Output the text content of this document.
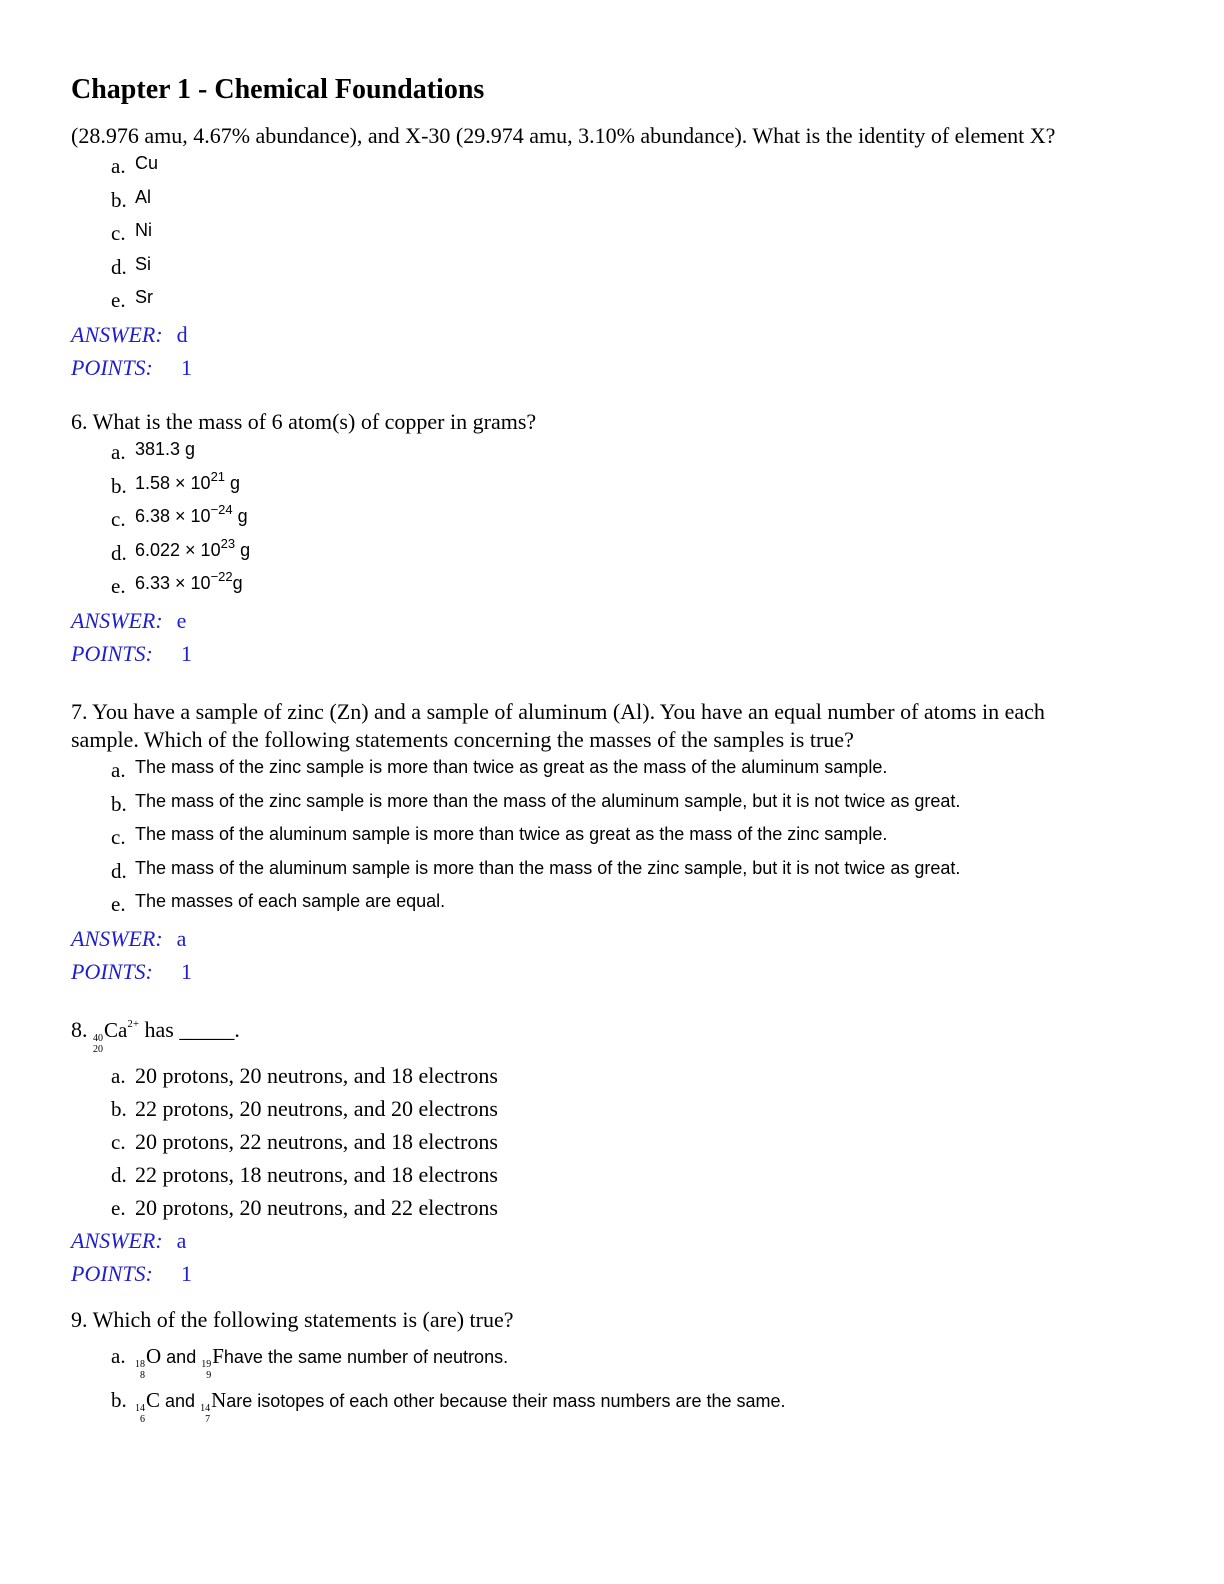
Chapter 1 - Chemical Foundations

(28.976 amu, 4.67% abundance), and X-30 (29.974 amu, 3.10% abundance). What is the identity of element X?

a. Cu
b. Al
c. Ni
d. Si
e. Sr
ANSWER: d
POINTS: 1

6. What is the mass of 6 atom(s) of copper in grams?

a. 381.3 g
b. $1.58 \times 10^{21}$ g
c. $6.38 \times 10^{-24}$ g
d. $6.022 \times 10^{23}$ g
e. $6.33 \times 10^{-22}g$
ANSWER: e
POINTS: 1

7. You have a sample of zinc (Zn) and a sample of aluminum (Al). You have an equal number of atoms in each

sample. Which of the following statements concerning the masses of the samples is true?

a. The mass of the zinc sample is more than twice as great as the mass of the aluminum sample.
b. The mass of the zinc sample is more than the mass of the aluminum sample, but it is not twice as great.
c. The mass of the aluminum sample is more than twice as great as the mass of the zinc sample.
d. The mass of the aluminum sample is more than the mass of the zinc sample, but it is not twice as great.
e. The masses of each sample are equal.
ANSWER: a
POINTS: 1

8. 40
20
$Ca^{2+}$ has _____.

a. 20 protons, 20 neutrons, and 18 electrons
b. 22 protons, 20 neutrons, and 20 electrons
c. 20 protons, 22 neutrons, and 18 electrons
d. 22 protons, 18 neutrons, and 18 electrons
e. 20 protons, 20 neutrons, and 22 electrons
ANSWER: a
POINTS: 1

9. Which of the following statements is (are) true?

a. 18
8
O and 19
9
Fhave the same number of neutrons.
b. 14
6
C and 14
7
Nare isotopes of each other because their mass numbers are the same.
